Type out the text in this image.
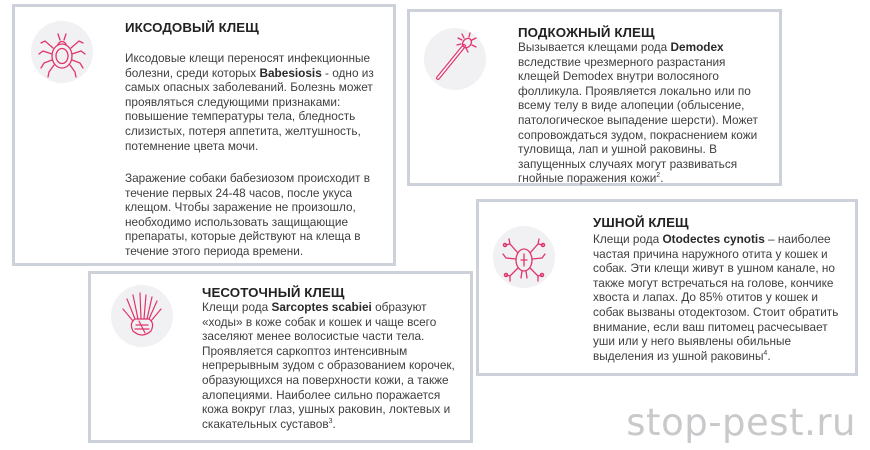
ИКСОДОВЫЙ КЛЕЩ

Иксодовые клещи переносят инфекционные болезни, среди которых Babesiosis - одно из самых опасных заболеваний. Болезнь может проявляться следующими признаками: повышение температуры тела, бледность слизистых, потеря аппетита, желтушность, потемнение цвета мочи.

Заражение собаки бабезиозом происходит в течение первых 24-48 часов, после укуса клещом. Чтобы заражение не произошло, необходимо использовать защищающие препараты, которые действуют на клеща в течение этого периода времени.

ПОДКОЖНЫЙ КЛЕЩ

Вызывается клещами рода Demodex вследствие чрезмерного разрастания клещей Demodex внутри волосяного фолликула. Проявляется локально или по всему телу в виде алопеции (облысение, патологическое выпадение шерсти). Может сопровождаться зудом, покраснением кожи туловища, лап и ушной раковины. В запущенных случаях могут развиваться гнойные поражения кожи$^2$.

УШНОЙ КЛЕЩ

Клещи рода Otodectes cynotis – наиболее частая причина наружного отита у кошек и собак. Эти клещи живут в ушном канале, но также могут встречаться на голове, кончике хвоста и лапах. До 85% отитов у кошек и собак вызваны отодектозом. Стоит обратить внимание, если ваш питомец расчесывает уши или у него выявлены обильные выделения из ушной раковины$^4$.

ЧЕСОТОЧНЫЙ КЛЕЩ

Клещи рода Sarcoptes scabiei образуют «ходы» в коже собак и кошек и чаще всего заселяют менее волосистые части тела. Проявляется саркоптоз интенсивным непрерывным зудом с образованием корочек, образующихся на поверхности кожи, а также алопециями. Наиболее сильно поражается кожа вокруг глаз, ушных раковин, локтевых и скакательных суставов$^3$.	stop-pest.ru
